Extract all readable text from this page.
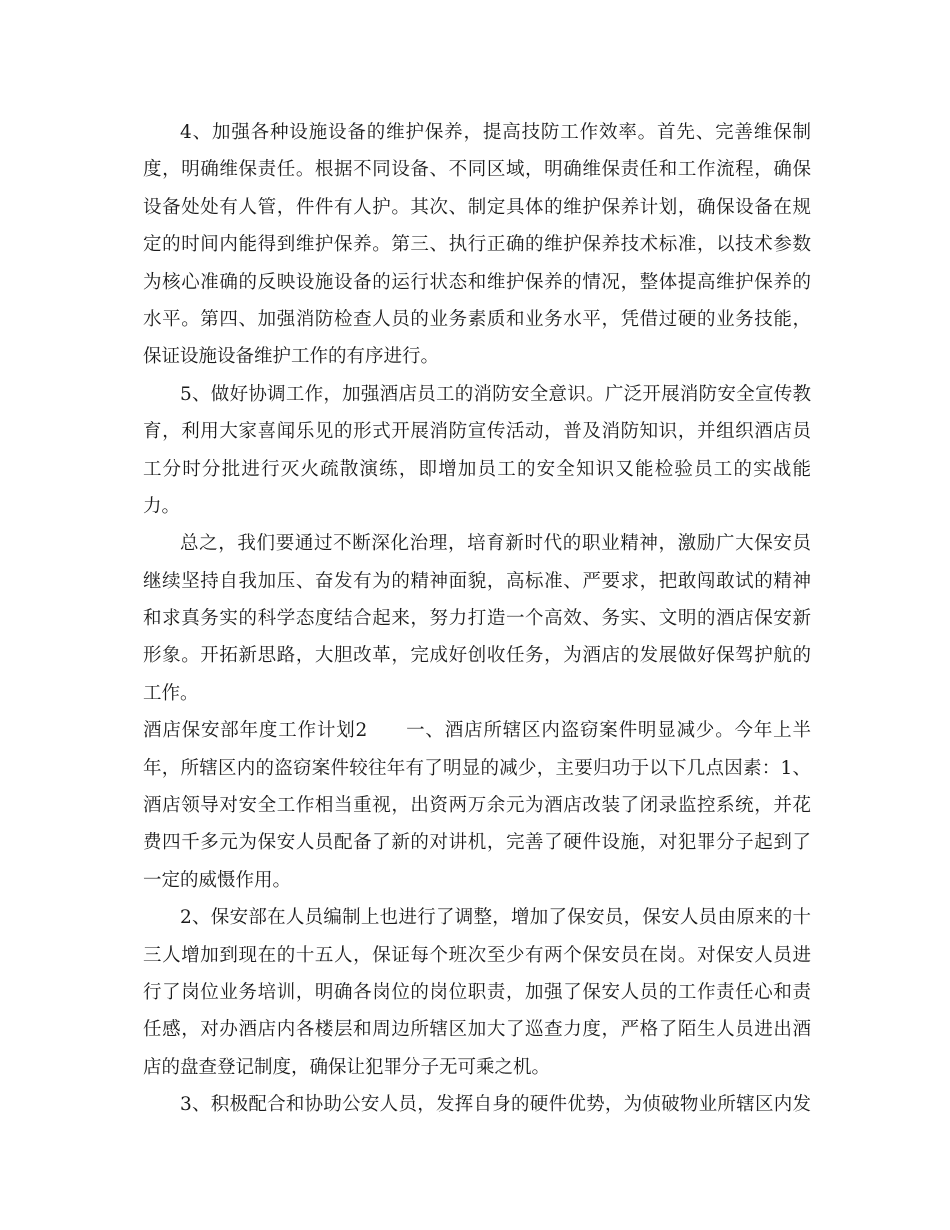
4、加强各种设施设备的维护保养，提高技防工作效率。首先、完善维保制
度，明确维保责任。根据不同设备、不同区域，明确维保责任和工作流程，确保
设备处处有人管，件件有人护。其次、制定具体的维护保养计划，确保设备在规
定的时间内能得到维护保养。第三、执行正确的维护保养技术标准，以技术参数
为核心准确的反映设施设备的运行状态和维护保养的情况，整体提高维护保养的
水平。第四、加强消防检查人员的业务素质和业务水平，凭借过硬的业务技能，
保证设施设备维护工作的有序进行。
5、做好协调工作，加强酒店员工的消防安全意识。广泛开展消防安全宣传教
育，利用大家喜闻乐见的形式开展消防宣传活动，普及消防知识，并组织酒店员
工分时分批进行灭火疏散演练，即增加员工的安全知识又能检验员工的实战能
力。
总之，我们要通过不断深化治理，培育新时代的职业精神，激励广大保安员
继续坚持自我加压、奋发有为的精神面貌，高标准、严要求，把敢闯敢试的精神
和求真务实的科学态度结合起来，努力打造一个高效、务实、文明的酒店保安新
形象。开拓新思路，大胆改革，完成好创收任务，为酒店的发展做好保驾护航的
工作。
酒店保安部年度工作计划2 一、酒店所辖区内盗窃案件明显减少。今年上半
年，所辖区内的盗窃案件较往年有了明显的减少，主要归功于以下几点因素：1、
酒店领导对安全工作相当重视，出资两万余元为酒店改装了闭录监控系统，并花
费四千多元为保安人员配备了新的对讲机，完善了硬件设施，对犯罪分子起到了
一定的威慑作用。
2、保安部在人员编制上也进行了调整，增加了保安员，保安人员由原来的十
三人增加到现在的十五人，保证每个班次至少有两个保安员在岗。对保安人员进
行了岗位业务培训，明确各岗位的岗位职责，加强了保安人员的工作责任心和责
任感，对办酒店内各楼层和周边所辖区加大了巡查力度，严格了陌生人员进出酒
店的盘查登记制度，确保让犯罪分子无可乘之机。
3、积极配合和协助公安人员，发挥自身的硬件优势，为侦破物业所辖区内发
